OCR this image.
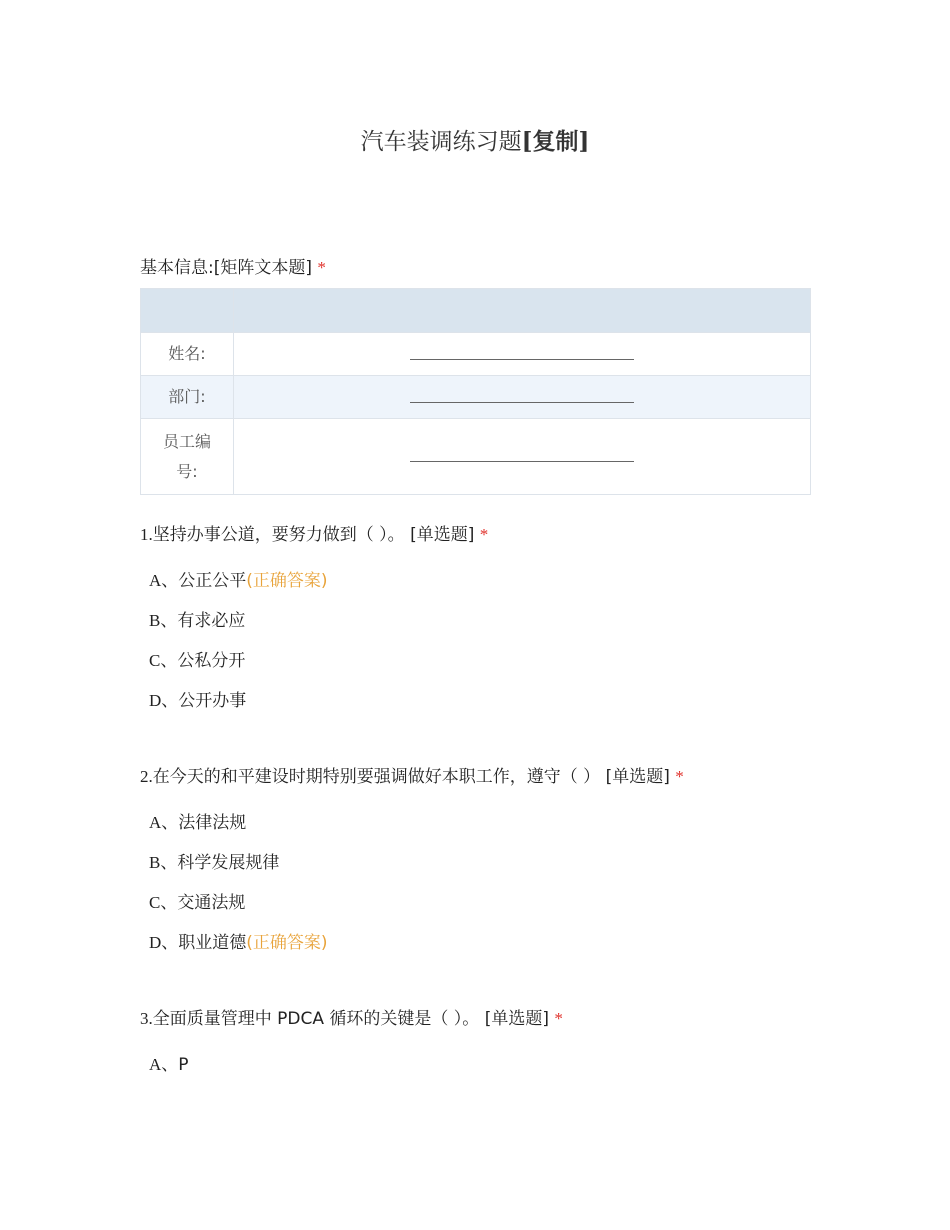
汽车装调练习题[复制]
基本信息:[矩阵文本题] *

姓名:	
部门:	

员工编
号:	

1.坚持办事公道，要努力做到（ ）。 [单选题] *
A、公正公平(正确答案)
B、有求必应
C、公私分开
D、公开办事
2.在今天的和平建设时期特别要强调做好本职工作，遵守（ ） [单选题] *
A、法律法规
B、科学发展规律
C、交通法规
D、职业道德(正确答案)
3.全面质量管理中 PDCA 循环的关键是（ ）。 [单选题] *
A、P
